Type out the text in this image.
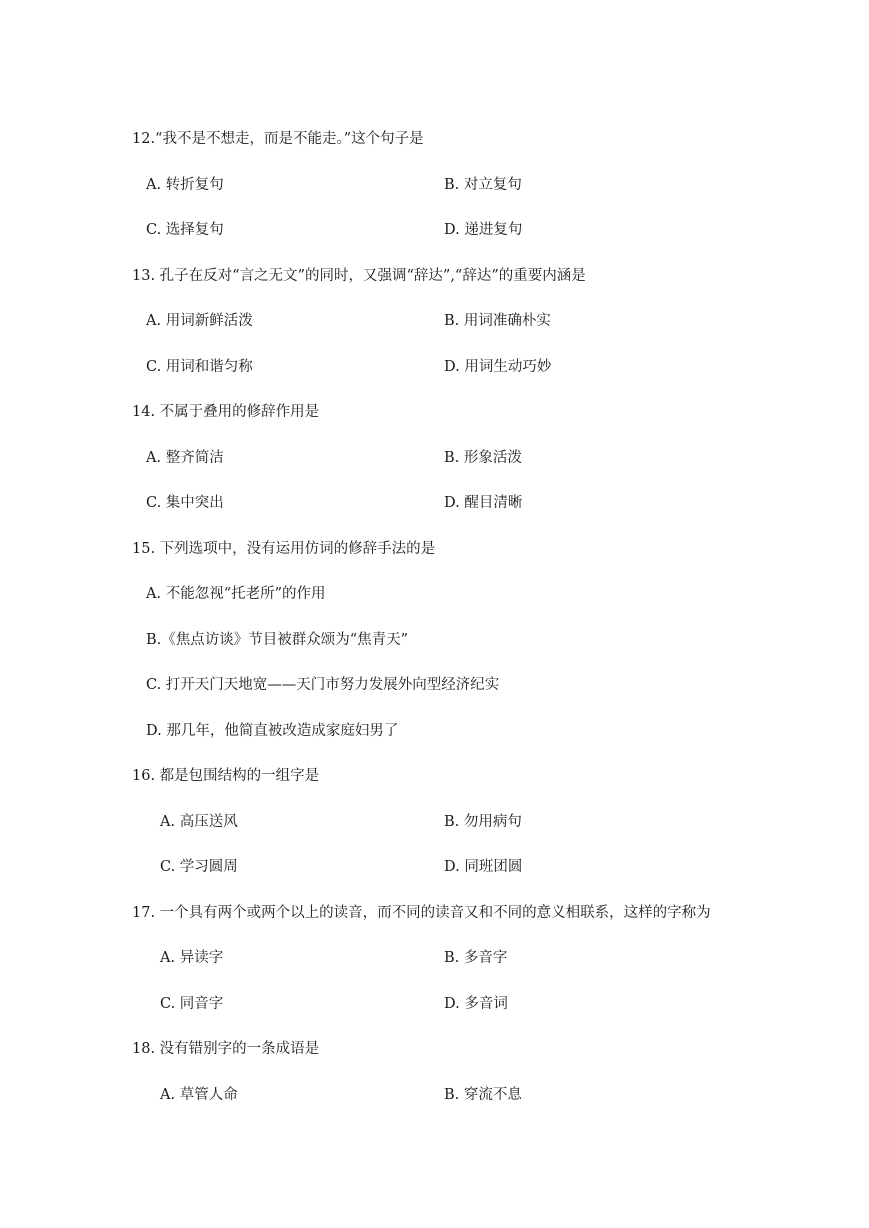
12.“我不是不想走，而是不能走。”这个句子是
A. 转折复句	B. 对立复句
C. 选择复句	D. 递进复句
13. 孔子在反对“言之无文”的同时，又强调“辞达”,“辞达”的重要内涵是
A. 用词新鲜活泼	B. 用词准确朴实
C. 用词和谐匀称	D. 用词生动巧妙
14. 不属于叠用的修辞作用是
A. 整齐简洁	B. 形象活泼
C. 集中突出	D. 醒目清晰
15. 下列选项中，没有运用仿词的修辞手法的是
A. 不能忽视“托老所”的作用
B.《焦点访谈》节目被群众颂为“焦青天”
C. 打开天门天地宽——天门市努力发展外向型经济纪实
D. 那几年，他简直被改造成家庭妇男了
16. 都是包围结构的一组字是
A. 高压送风	B. 勿用病句
C. 学习圆周	D. 同班团圆
17. 一个具有两个或两个以上的读音，而不同的读音又和不同的意义相联系，这样的字称为
A. 异读字	B. 多音字
C. 同音字	D. 多音词
18. 没有错别字的一条成语是
A. 草管人命	B. 穿流不息
